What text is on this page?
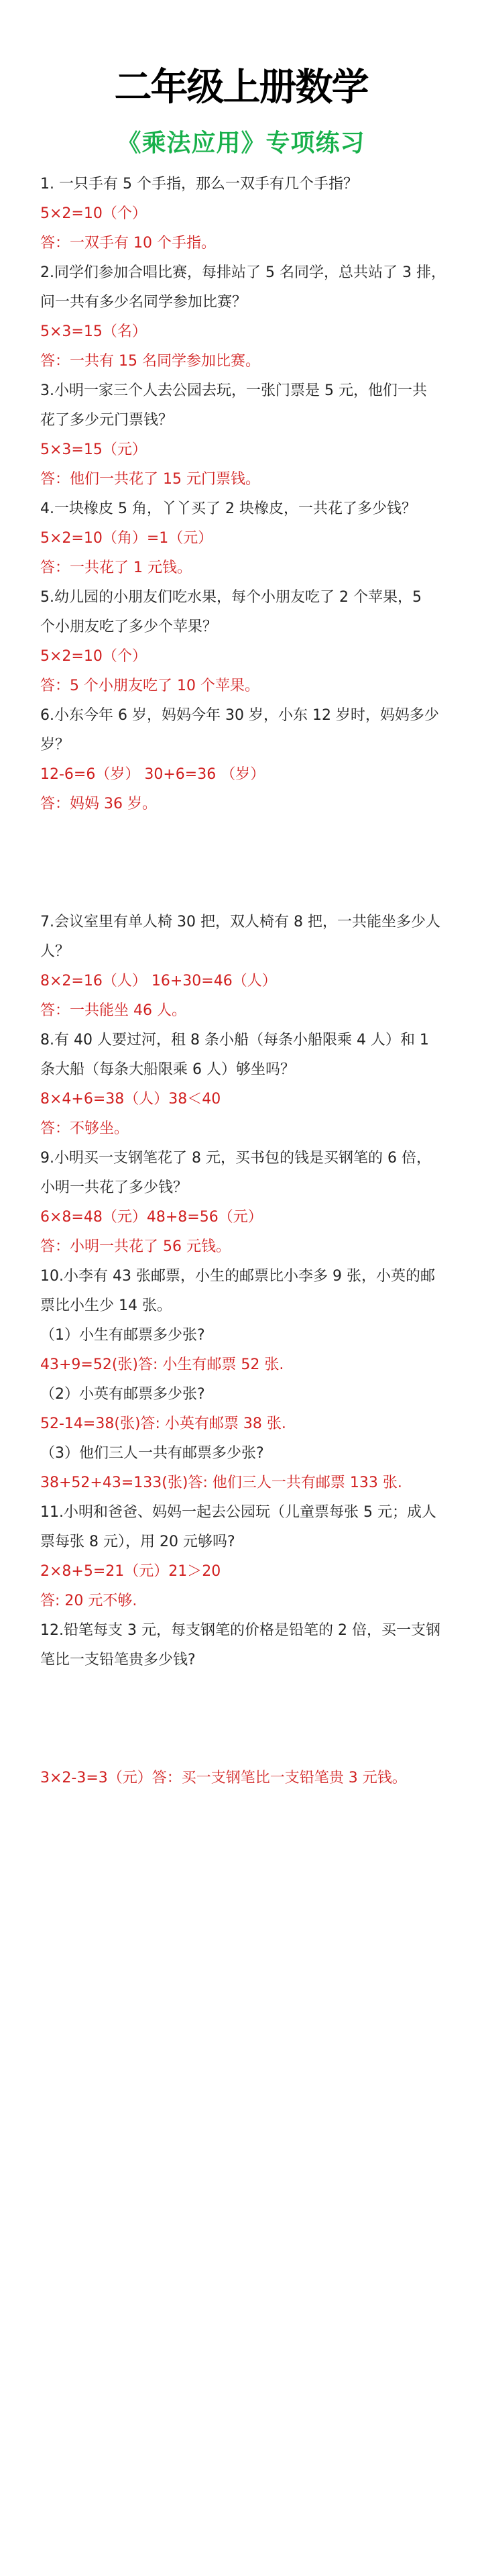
二年级上册数学
《乘法应用》专项练习
1. 一只手有 5 个手指，那么一双手有几个手指？
5×2=10（个）
答：一双手有 10 个手指。
2.同学们参加合唱比赛，每排站了 5 名同学，总共站了 3 排，
问一共有多少名同学参加比赛？
5×3=15（名）
答：一共有 15 名同学参加比赛。
3.小明一家三个人去公园去玩，一张门票是 5 元，他们一共
花了多少元门票钱？
5×3=15（元）
答：他们一共花了 15 元门票钱。
4.一块橡皮 5 角，丫丫买了 2 块橡皮，一共花了多少钱？
5×2=10（角）=1（元）
答：一共花了 1 元钱。
5.幼儿园的小朋友们吃水果，每个小朋友吃了 2 个苹果，5
个小朋友吃了多少个苹果？
5×2=10（个）
答：5 个小朋友吃了 10 个苹果。
6.小东今年 6 岁，妈妈今年 30 岁，小东 12 岁时，妈妈多少
岁？
12-6=6（岁） 30+6=36 （岁）
答：妈妈 36 岁。
7.会议室里有单人椅 30 把，双人椅有 8 把，一共能坐多少人
人？
8×2=16（人） 16+30=46（人）
答：一共能坐 46 人。
8.有 40 人要过河，租 8 条小船（每条小船限乘 4 人）和 1
条大船（每条大船限乘 6 人）够坐吗？
8×4+6=38（人）38＜40
答：不够坐。
9.小明买一支钢笔花了 8 元，买书包的钱是买钢笔的 6 倍，
小明一共花了多少钱？
6×8=48（元）48+8=56（元）
答：小明一共花了 56 元钱。
10.小李有 43 张邮票，小生的邮票比小李多 9 张，小英的邮
票比小生少 14 张。
（1）小生有邮票多少张?
43+9=52(张)答: 小生有邮票 52 张.
（2）小英有邮票多少张?
52-14=38(张)答: 小英有邮票 38 张.
（3）他们三人一共有邮票多少张?
38+52+43=133(张)答: 他们三人一共有邮票 133 张.
11.小明和爸爸、妈妈一起去公园玩（儿童票每张 5 元；成人
票每张 8 元），用 20 元够吗?
2×8+5=21（元）21＞20
答: 20 元不够.
12.铅笔每支 3 元，每支钢笔的价格是铅笔的 2 倍，买一支钢
笔比一支铅笔贵多少钱?
3×2-3=3（元）答：买一支钢笔比一支铅笔贵 3 元钱。
